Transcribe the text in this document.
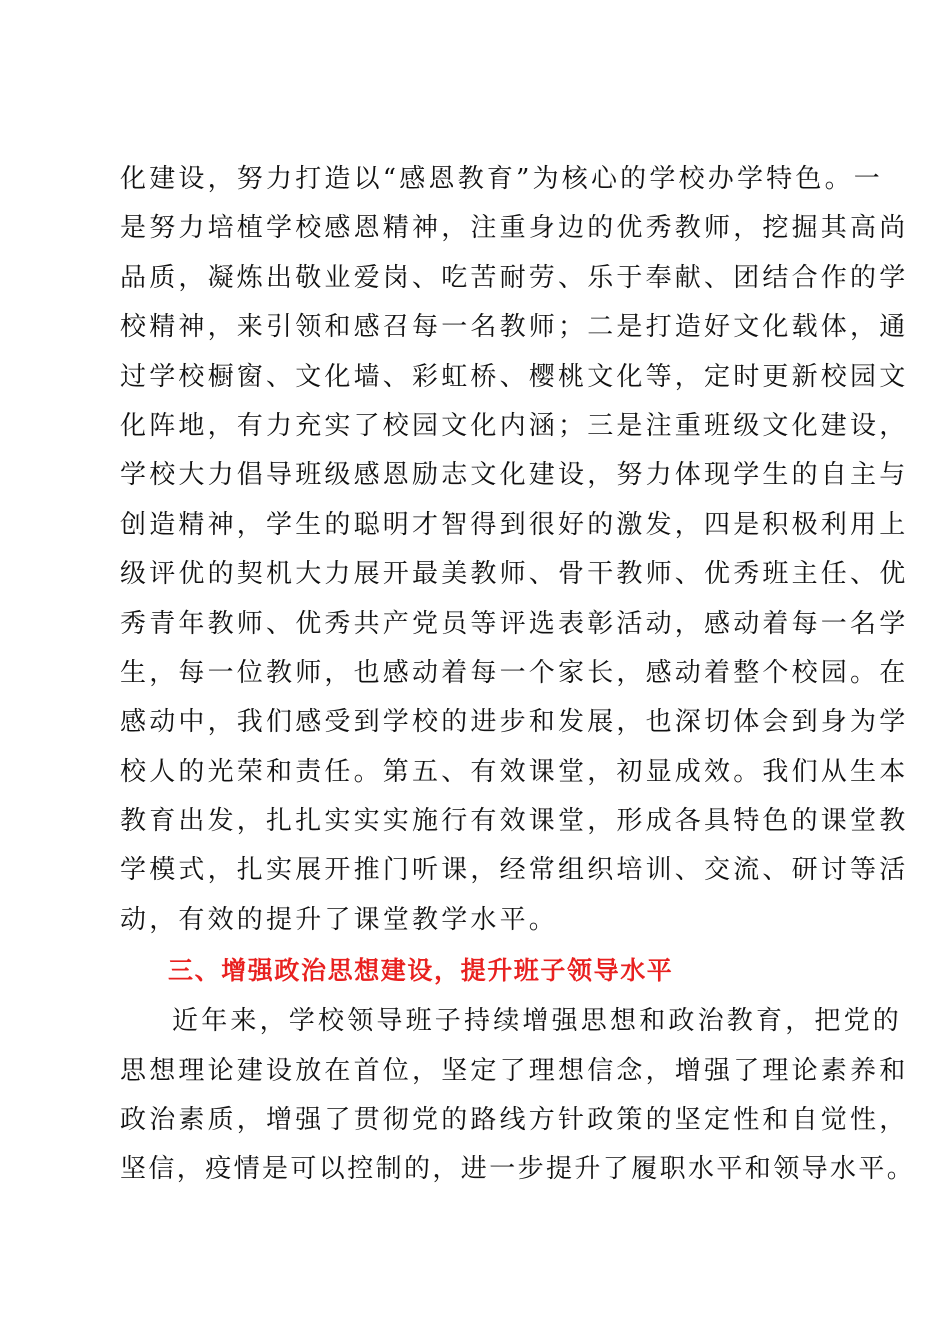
化建设，努力打造以“感恩教育”为核心的学校办学特色。一
是努力培植学校感恩精神，注重身边的优秀教师，挖掘其高尚
品质，凝炼出敬业爱岗、吃苦耐劳、乐于奉献、团结合作的学
校精神，来引领和感召每一名教师；二是打造好文化载体，通
过学校橱窗、文化墙、彩虹桥、樱桃文化等，定时更新校园文
化阵地，有力充实了校园文化内涵；三是注重班级文化建设，
学校大力倡导班级感恩励志文化建设，努力体现学生的自主与
创造精神，学生的聪明才智得到很好的激发，四是积极利用上
级评优的契机大力展开最美教师、骨干教师、优秀班主任、优
秀青年教师、优秀共产党员等评选表彰活动，感动着每一名学
生，每一位教师，也感动着每一个家长，感动着整个校园。在
感动中，我们感受到学校的进步和发展，也深切体会到身为学
校人的光荣和责任。第五、有效课堂，初显成效。我们从生本
教育出发，扎扎实实实施行有效课堂，形成各具特色的课堂教
学模式，扎实展开推门听课，经常组织培训、交流、研讨等活
动，有效的提升了课堂教学水平。
三、增强政治思想建设，提升班子领导水平
近年来，学校领导班子持续增强思想和政治教育，把党的
思想理论建设放在首位，坚定了理想信念，增强了理论素养和
政治素质，增强了贯彻党的路线方针政策的坚定性和自觉性，
坚信，疫情是可以控制的，进一步提升了履职水平和领导水平。
